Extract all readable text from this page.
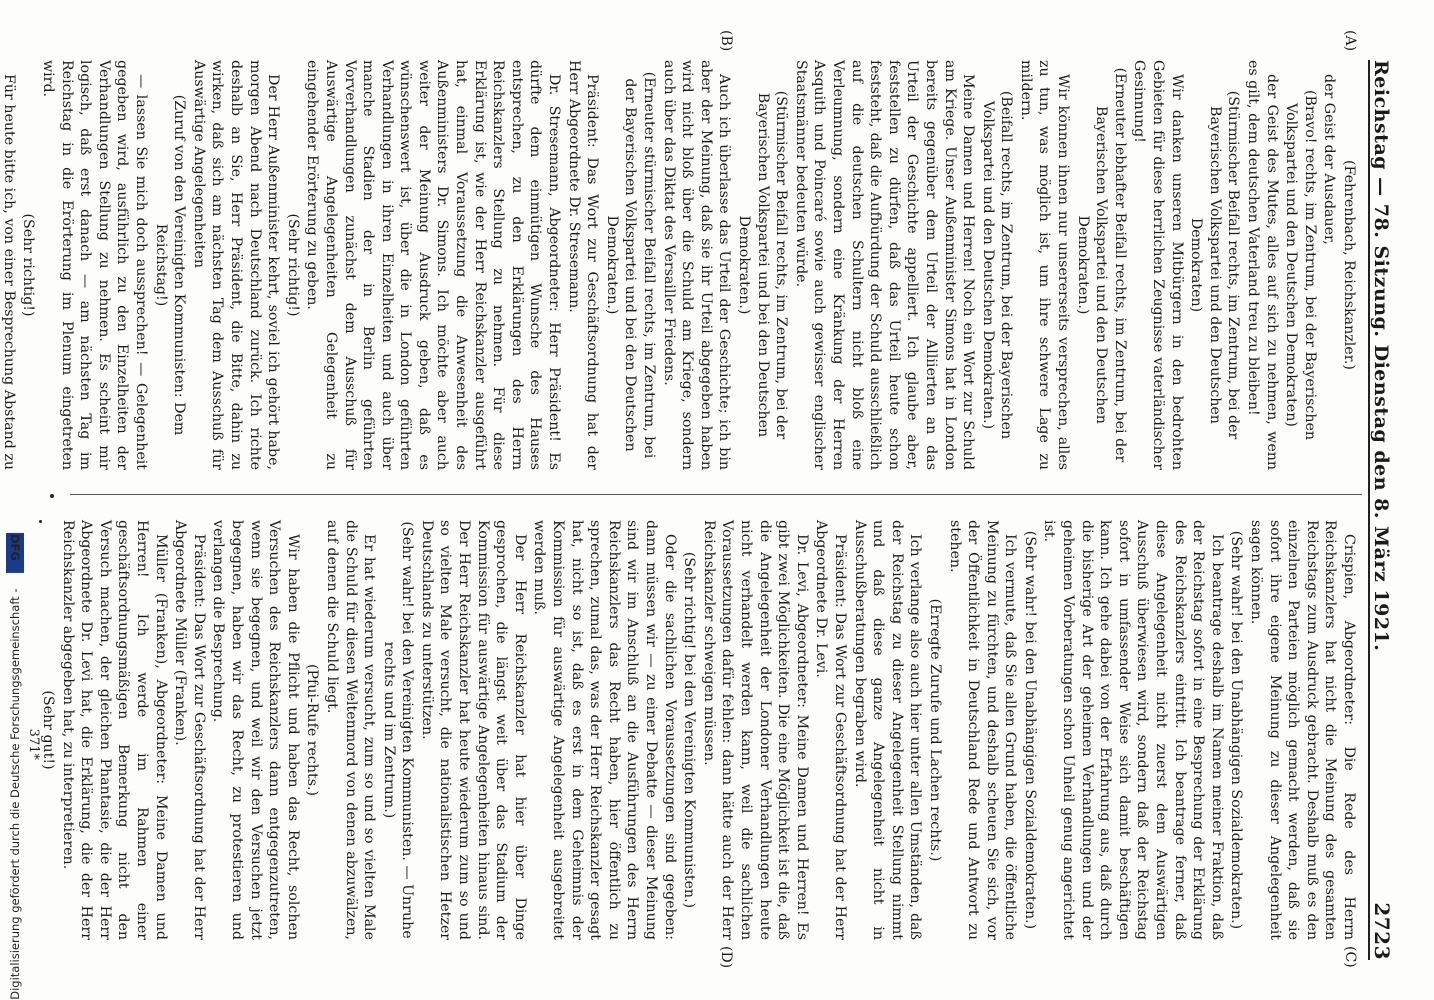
Reichstag — 78. Sitzung. Dienstag den 8. März 1921.
2723
(A)
(B)
(C)
(D)

(Fehrenbach, Reichskanzler.)

der Geist der Ausdauer,

(Bravo! rechts, im Zentrum, bei der Bayerischen Volkspartei und den Deutschen Demokraten)

der Geist des Mutes, alles auf sich zu nehmen, wenn es gilt, dem deutschen Vaterland treu zu bleiben!

(Stürmischer Beifall rechts, im Zentrum, bei der Bayerischen Volkspartei und den Deutschen Demokraten)

Wir danken unseren Mitbürgern in den bedrohten Gebieten für diese herrlichen Zeugnisse vaterländischer Gesinnung!

(Erneuter lebhafter Beifall rechts, im Zentrum, bei der Bayerischen Volkspartei und den Deutschen Demokraten.)

Wir können ihnen nur unsererseits versprechen, alles zu tun, was möglich ist, um ihre schwere Lage zu mildern.

(Beifall rechts, im Zentrum, bei der Bayerischen Volkspartei und den Deutschen Demokraten.)

Meine Damen und Herren! Noch ein Wort zur Schuld am Kriege. Unser Außenminister Simons hat in London bereits gegenüber dem Urteil der Alliierten an das Urteil der Geschichte appelliert. Ich glaube aber, feststellen zu dürfen, daß das Urteil heute schon feststeht, daß die Aufbürdung der Schuld ausschließlich auf die deutschen Schultern nicht bloß eine Verleumnung, sondern eine Kränkung der Herren Asquith und Poincaré sowie auch gewisser englischer Staatsmänner bedeuten würde.

(Stürmischer Beifall rechts, im Zentrum, bei der Bayerischen Volkspartei und bei den Deutschen Demokraten.)

Auch ich überlasse das Urteil der Geschichte; ich bin aber der Meinung, daß sie ihr Urteil abgegeben haben wird nicht bloß über die Schuld am Kriege, sondern auch über das Diktat des Versailler Friedens.

(Erneuter stürmischer Beifall rechts, im Zentrum, bei der Bayerischen Volkspartei und bei den Deutschen Demokraten.)

Präsident: Das Wort zur Geschäftsordnung hat der Herr Abgeordnete Dr. Stresemann.

Dr. Stresemann, Abgeordneter: Herr Präsident! Es dürfte dem einmütigen Wunsche des Hauses entsprechen, zu den Erklärungen des Herrn Reichskanzlers Stellung zu nehmen. Für diese Erklärung ist, wie der Herr Reichskanzler ausgeführt hat, einmal Voraussetzung die Anwesenheit des Außenministers Dr. Simons. Ich möchte aber auch weiter der Meinung Ausdruck geben, daß es wünschenswert ist, über die in London geführten Verhandlungen in ihren Einzelheiten und auch über manche Stadien der in Berlin geführten Vorverhandlungen zunächst dem Ausschuß für Auswärtige Angelegenheiten Gelegenheit zu eingehender Erörterung zu geben.

(Sehr richtig!)

Der Herr Außenminister kehrt, soviel ich gehört habe, morgen Abend nach Deutschland zurück. Ich richte deshalb an Sie, Herr Präsident, die Bitte, dahin zu wirken, daß sich am nächsten Tag dem Ausschuß für Auswärtige Angelegenheiten

(Zuruf von den Vereinigten Kommunisten: Dem Reichstag!)

— lassen Sie mich doch aussprechen! — Gelegenheit gegeben wird, ausführlich zu den Einzelheiten der Verhandlungen Stellung zu nehmen. Es scheint mir logisch, daß erst danach — am nächsten Tag im Reichstag in die Erörterung im Plenum eingetreten wird.

(Sehr richtig!)

Für heute bitte ich, von einer Besprechung Abstand zu

Crispien, Abgeordneter: Die Rede des Herrn Reichskanzlers hat nicht die Meinung des gesamten Reichstags zum Ausdruck gebracht. Deshalb muß es den einzelnen Parteien möglich gemacht werden, daß sie sofort ihre eigene Meinung zu dieser Angelegenheit sagen können.

(Sehr wahr! bei den Unabhängigen Sozialdemokraten.)

Ich beantrage deshalb im Namen meiner Fraktion, daß der Reichstag sofort in eine Besprechung der Erklärung des Reichskanzlers eintritt. Ich beantrage ferner, daß diese Angelegenheit nicht zuerst dem Auswärtigen Ausschuß überwiesen wird, sondern daß der Reichstag sofort in umfassender Weise sich damit beschäftigen kann. Ich gehe dabei von der Erfahrung aus, daß durch die bisherige Art der geheimen Verhandlungen und der geheimen Vorberatungen schon Unheil genug angerichtet ist.

(Sehr wahr! bei den Unabhängigen Sozialdemokraten.)

Ich vermute, daß Sie allen Grund haben, die öffentliche Meinung zu fürchten, und deshalb scheuen Sie sich, vor der Öffentlichkeit in Deutschland Rede und Antwort zu stehen.

(Erregte Zurufe und Lachen rechts.)

Ich verlange also auch hier unter allen Umständen, daß der Reichstag zu dieser Angelegenheit Stellung nimmt und daß diese ganze Angelegenheit nicht in Ausschußberatungen begraben wird.

Präsident: Das Wort zur Geschäftsordnung hat der Herr Abgeordnete Dr. Levi.

Dr. Levi, Abgeordneter: Meine Damen und Herren! Es gibt zwei Möglichkeiten. Die eine Möglichkeit ist die, daß die Angelegenheit der Londoner Verhandlungen heute nicht verhandelt werden kann, weil die sachlichen Voraussetzungen dafür fehlen: dann hätte auch der Herr Reichskanzler schweigen müssen.

(Sehr richtig! bei den Vereinigten Kommunisten.)

Oder die sachlichen Voraussetzungen sind gegeben: dann müssen wir — zu einer Debatte — dieser Meinung sind wir im Anschluß an die Ausführungen des Herrn Reichskanzlers das Recht haben, hier öffentlich zu sprechen, zumal das, was der Herr Reichskanzler gesagt hat, nicht so ist, daß es erst in dem Geheimnis der Kommission für auswärtige Angelegenheit ausgebreitet werden muß.

Der Herr Reichskanzler hat hier über Dinge gesprochen, die längst weit über das Stadium der Kommission für auswärtige Angelegenheiten hinaus sind. Der Herr Reichskanzler hat heute wiederum zum so und so vielten Male versucht, die nationalistischen Hetzer Deutschlands zu unterstützen.

(Sehr wahr! bei den Vereinigten Kommunisten. — Unruhe rechts und im Zentrum.)

Er hat wiederum versucht, zum so und so vielten Male die Schuld für diesen Weltenmord von denen abzuwälzen, auf denen die Schuld liegt.

(Pfui-Rufe rechts.)

Wir haben die Pflicht und haben das Recht, solchen Versuchen des Reichskanzlers dann entgegenzutreten, wenn sie begegnen, und weil wir den Versuchen jetzt begegnen, haben wir das Recht, zu protestieren und verlangen die Besprechung.

Präsident: Das Wort zur Geschäftsordnung hat der Herr Abgeordnete Müller (Franken).

Müller (Franken), Abgeordneter: Meine Damen und Herren! Ich werde im Rahmen einer geschäftsordnungsmäßigen Bemerkung nicht den Versuch machen, der gleichen Phantasie, die der Herr Abgeordnete Dr. Levi hat, die Erklärung, die der Herr Reichskanzler abgegeben hat, zu interpretieren.

(Sehr gut!)

371*
Digitalisierung gefördert durch die Deutsche Forschungsgemeinschaft - DFG
